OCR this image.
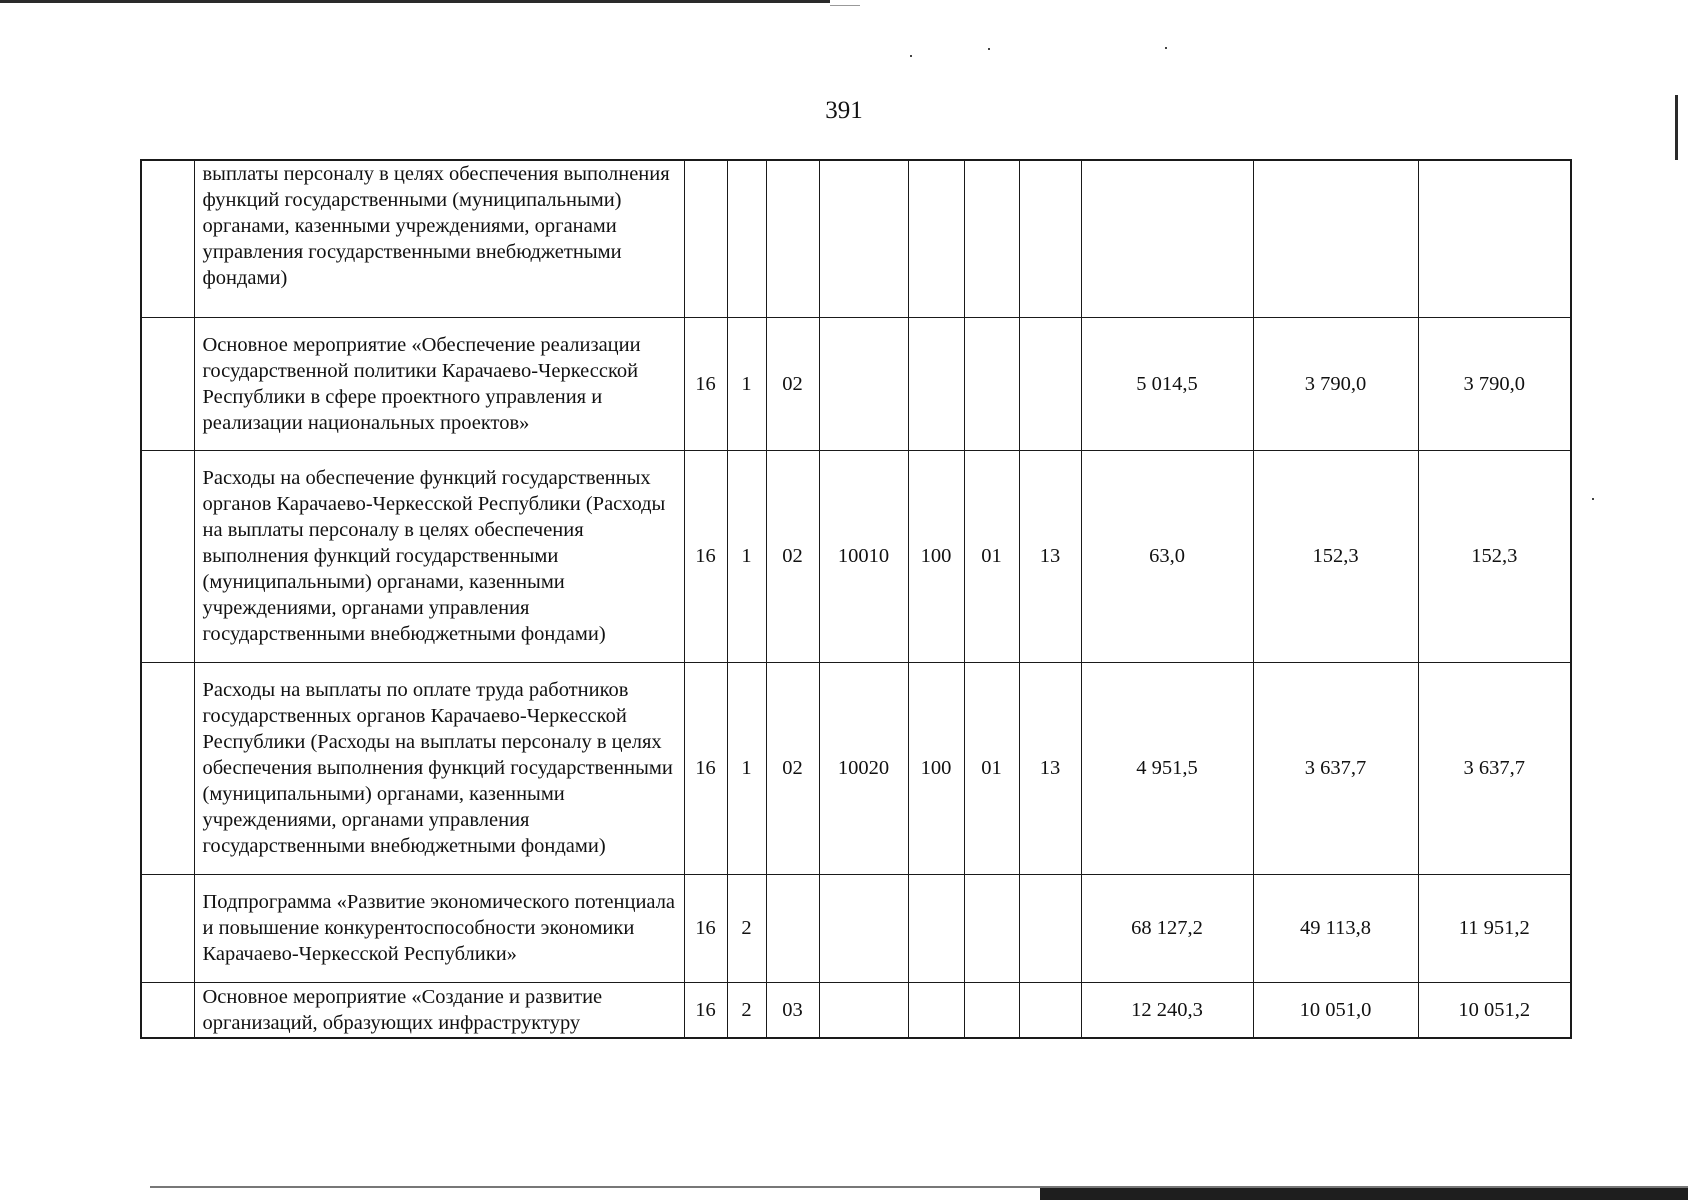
391
	выплаты персоналу в целях обеспечения выполнения функций государственными (муниципальными) органами, казенными учреждениями, органами управления государственными внебюджетными фондами)										
	Основное мероприятие «Обеспечение реализации государственной политики Карачаево-Черкесской Республики в сфере проектного управления и реализации национальных проектов»	16	1	02					5 014,5	3 790,0	3 790,0
	Расходы на обеспечение функций государственных органов Карачаево-Черкесской Республики (Расходы на выплаты персоналу в целях обеспечения выполнения функций государственными (муниципальными) органами, казенными учреждениями, органами управления государственными внебюджетными фондами)	16	1	02	10010	100	01	13	63,0	152,3	152,3
	Расходы на выплаты по оплате труда работников государственных органов Карачаево-Черкесской Республики (Расходы на выплаты персоналу в целях обеспечения выполнения функций государственными (муниципальными) органами, казенными учреждениями, органами управления государственными внебюджетными фондами)	16	1	02	10020	100	01	13	4 951,5	3 637,7	3 637,7
	Подпрограмма «Развитие экономического потенциала и повышение конкурентоспособности экономики Карачаево-Черкесской Республики»	16	2						68 127,2	49 113,8	11 951,2
	Основное мероприятие «Создание и развитие организаций, образующих инфраструктуру	16	2	03					12 240,3	10 051,0	10 051,2
